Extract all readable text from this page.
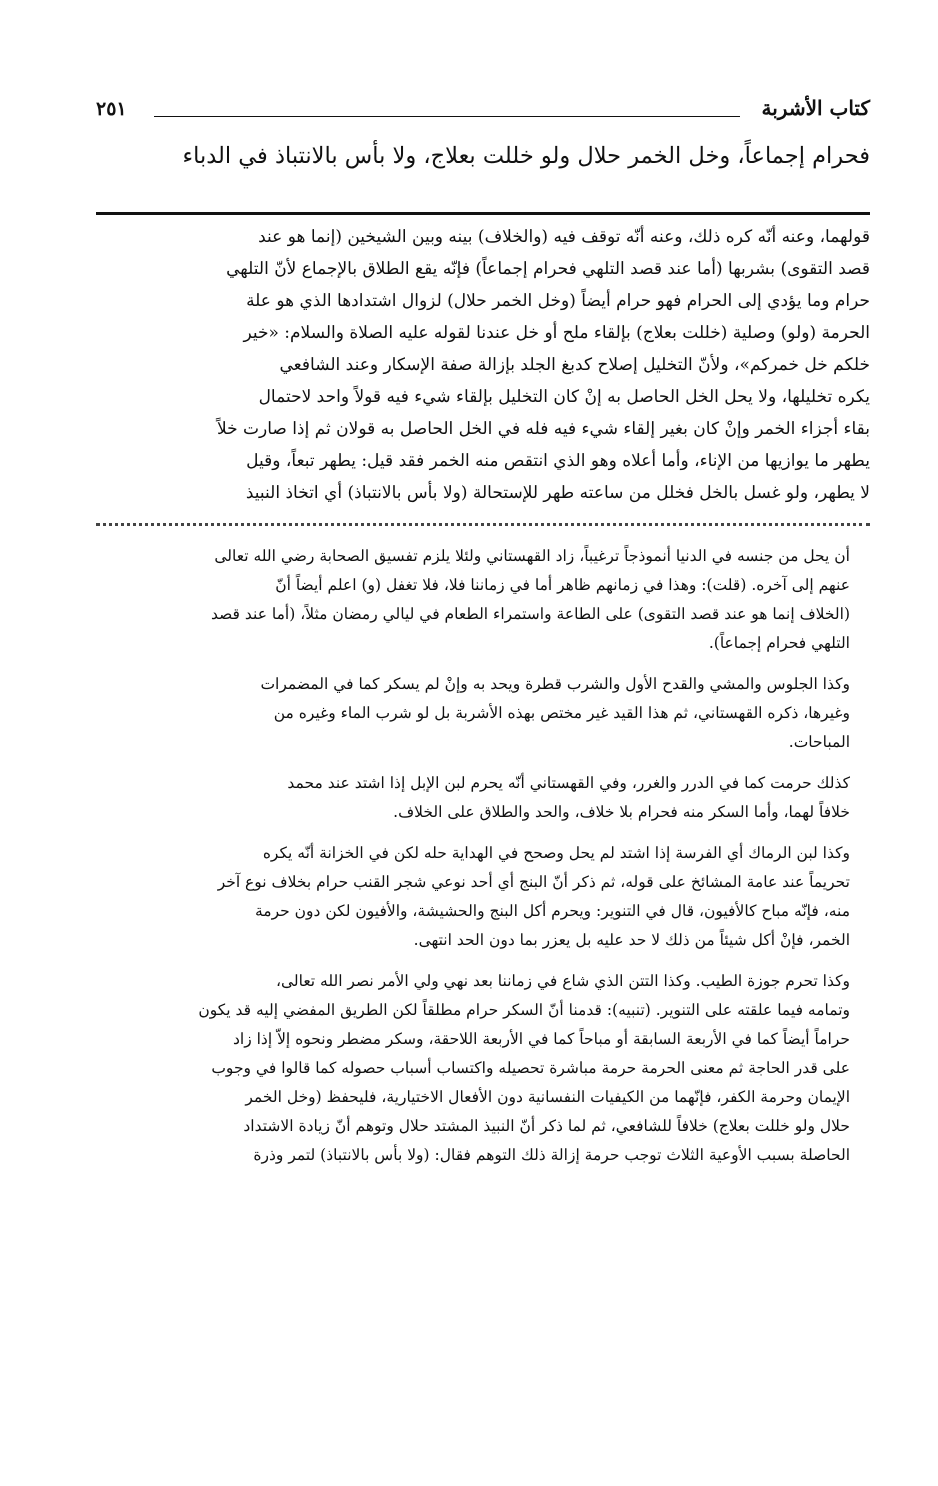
كتاب الأشربة
٢٥١
فحرام إجماعاً، وخل الخمر حلال ولو خللت بعلاج، ولا بأس بالانتباذ في الدباء
قولهما، وعنه أنّه كره ذلك، وعنه أنّه توقف فيه (والخلاف) بينه وبين الشيخين (إنما هو عند
قصد التقوى) بشربها (أما عند قصد التلهي فحرام إجماعاً) فإنّه يقع الطلاق بالإجماع لأنّ التلهي
حرام وما يؤدي إلى الحرام فهو حرام أيضاً (وخل الخمر حلال) لزوال اشتدادها الذي هو علة
الحرمة (ولو) وصلية (خللت بعلاج) بإلقاء ملح أو خل عندنا لقوله عليه الصلاة والسلام: «خير
خلكم خل خمركم»، ولأنّ التخليل إصلاح كدبغ الجلد بإزالة صفة الإسكار وعند الشافعي
يكره تخليلها، ولا يحل الخل الحاصل به إنْ كان التخليل بإلقاء شيء فيه قولاً واحد لاحتمال
بقاء أجزاء الخمر وإنْ كان بغير إلقاء شيء فيه فله في الخل الحاصل به قولان ثم إذا صارت خلاً
يطهر ما يوازيها من الإناء، وأما أعلاه وهو الذي انتقص منه الخمر فقد قيل: يطهر تبعاً، وقيل
لا يطهر، ولو غسل بالخل فخلل من ساعته طهر للإستحالة (ولا بأس بالانتباذ) أي اتخاذ النبيذ

أن يحل من جنسه في الدنيا أنموذجاً ترغيباً، زاد القهستاني ولئلا يلزم تفسيق الصحابة رضي الله تعالى
عنهم إلى آخره. (قلت): وهذا في زمانهم ظاهر أما في زماننا فلا، فلا تغفل (و) اعلم أيضاً أنّ
(الخلاف إنما هو عند قصد التقوى) على الطاعة واستمراء الطعام في ليالي رمضان مثلاً، (أما عند قصد
التلهي فحرام إجماعاً).

وكذا الجلوس والمشي والقدح الأول والشرب قطرة ويحد به وإنْ لم يسكر كما في المضمرات
وغيرها، ذكره القهستاني، ثم هذا القيد غير مختص بهذه الأشربة بل لو شرب الماء وغيره من
المباحات.

كذلك حرمت كما في الدرر والغرر، وفي القهستاني أنّه يحرم لبن الإبل إذا اشتد عند محمد
خلافاً لهما، وأما السكر منه فحرام بلا خلاف، والحد والطلاق على الخلاف.

وكذا لبن الرماك أي الفرسة إذا اشتد لم يحل وصحح في الهداية حله لكن في الخزانة أنّه يكره
تحريماً عند عامة المشائخ على قوله، ثم ذكر أنّ البنج أي أحد نوعي شجر القنب حرام بخلاف نوع آخر
منه، فإنّه مباح كالأفيون، قال في التنوير: ويحرم أكل البنج والحشيشة، والأفيون لكن دون حرمة
الخمر، فإنْ أكل شيئاً من ذلك لا حد عليه بل يعزر بما دون الحد انتهى.

وكذا تحرم جوزة الطيب. وكذا التتن الذي شاع في زماننا بعد نهي ولي الأمر نصر الله تعالى،
وتمامه فيما علقته على التنوير. (تنبيه): قدمنا أنّ السكر حرام مطلقاً لكن الطريق المفضي إليه قد يكون
حراماً أيضاً كما في الأربعة السابقة أو مباحاً كما في الأربعة اللاحقة، وسكر مضطر ونحوه إلاّ إذا زاد
على قدر الحاجة ثم معنى الحرمة حرمة مباشرة تحصيله واكتساب أسباب حصوله كما قالوا في وجوب
الإيمان وحرمة الكفر، فإنّهما من الكيفيات النفسانية دون الأفعال الاختيارية، فليحفظ (وخل الخمر
حلال ولو خللت بعلاج) خلافاً للشافعي، ثم لما ذكر أنّ النبيذ المشتد حلال وتوهم أنّ زيادة الاشتداد
الحاصلة بسبب الأوعية الثلاث توجب حرمة إزالة ذلك التوهم فقال: (ولا بأس بالانتباذ) لتمر وذرة
